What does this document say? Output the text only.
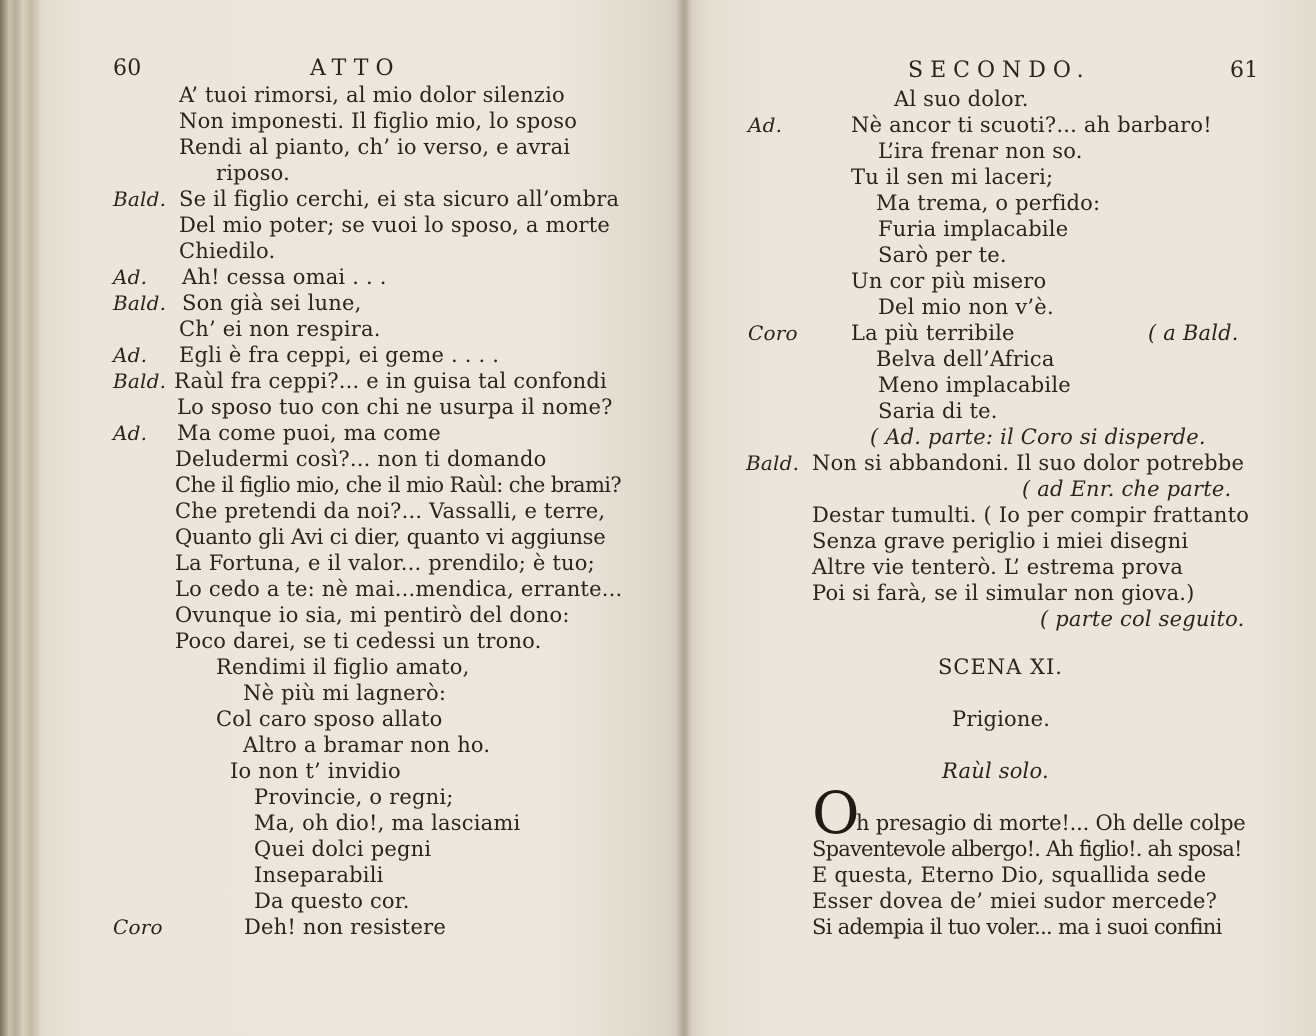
60	ATTO
A’ tuoi rimorsi, al mio dolor silenzio
Non imponesti. Il figlio mio, lo sposo
Rendi al pianto, ch’ io verso, e avrai
riposo.
Bald. Se il figlio cerchi, ei sta sicuro all’ombra
Del mio poter; se vuoi lo sposo, a morte
Chiedilo.
Ad. Ah! cessa omai . . .
Bald. Son già sei lune,
Ch’ ei non respira.
Ad. Egli è fra ceppi, ei geme . . . .
Bald. Raùl fra ceppi?... e in guisa tal confondi
Lo sposo tuo con chi ne usurpa il nome?
Ad. Ma come puoi, ma come
Deludermi così?... non ti domando
Che il figlio mio, che il mio Raùl: che brami?
Che pretendi da noi?... Vassalli, e terre,
Quanto gli Avi ci dier, quanto vi aggiunse
La Fortuna, e il valor... prendilo; è tuo;
Lo cedo a te: nè mai...mendica, errante...
Ovunque io sia, mi pentirò del dono:
Poco darei, se ti cedessi un trono.
Rendimi il figlio amato,
Nè più mi lagnerò:
Col caro sposo allato
Altro a bramar non ho.
Io non t’ invidio
Provincie, o regni;
Ma, oh dio!, ma lasciami
Quei dolci pegni
Inseparabili
Da questo cor.
Coro	Deh! non resistere
SECONDO.	61
Al suo dolor.
Ad.	Nè ancor ti scuoti?... ah barbaro!
L’ira frenar non so.
Tu il sen mi laceri;
Ma trema, o perfido:
Furia implacabile
Sarò per te.
Un cor più misero
Del mio non v’è.
Coro	La più terribile	( a Bald.
Belva dell’Africa
Meno implacabile
Saria di te.
( Ad. parte: il Coro si disperde.
Bald. Non si abbandoni. Il suo dolor potrebbe
( ad Enr. che parte.
Destar tumulti. ( Io per compir frattanto
Senza grave periglio i miei disegni
Altre vie tenterò. L’ estrema prova
Poi si farà, se il simular non giova.)
( parte col seguito.
SCENA XI.
Prigione.
Raùl solo.
O
h presagio di morte!... Oh delle colpe
Spaventevole albergo!. Ah figlio!. ah sposa!
E questa, Eterno Dio, squallida sede
Esser dovea de’ miei sudor mercede?
Si adempia il tuo voler... ma i suoi confini
